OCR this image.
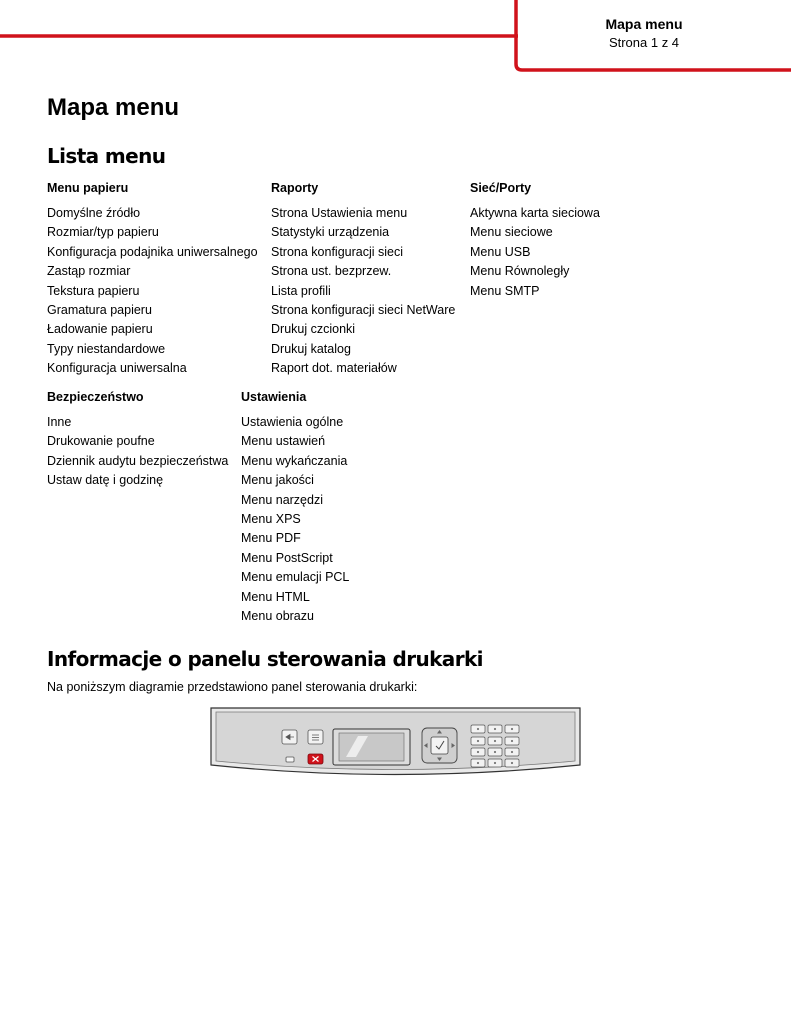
Mapa menu
Strona 1 z 4
Mapa menu
Lista menu
Menu papieru
Domyślne źródło
Rozmiar/typ papieru
Konfiguracja podajnika uniwersalnego
Zastąp rozmiar
Tekstura papieru
Gramatura papieru
Ładowanie papieru
Typy niestandardowe
Konfiguracja uniwersalna
Raporty
Strona Ustawienia menu
Statystyki urządzenia
Strona konfiguracji sieci
Strona ust. bezprzew.
Lista profili
Strona konfiguracji sieci NetWare
Drukuj czcionki
Drukuj katalog
Raport dot. materiałów
Sieć/Porty
Aktywna karta sieciowa
Menu sieciowe
Menu USB
Menu Równoległy
Menu SMTP
Bezpieczeństwo
Inne
Drukowanie poufne
Dziennik audytu bezpieczeństwa
Ustaw datę i godzinę
Ustawienia
Ustawienia ogólne
Menu ustawień
Menu wykańczania
Menu jakości
Menu narzędzi
Menu XPS
Menu PDF
Menu PostScript
Menu emulacji PCL
Menu HTML
Menu obrazu
Informacje o panelu sterowania drukarki
Na poniższym diagramie przedstawiono panel sterowania drukarki:
